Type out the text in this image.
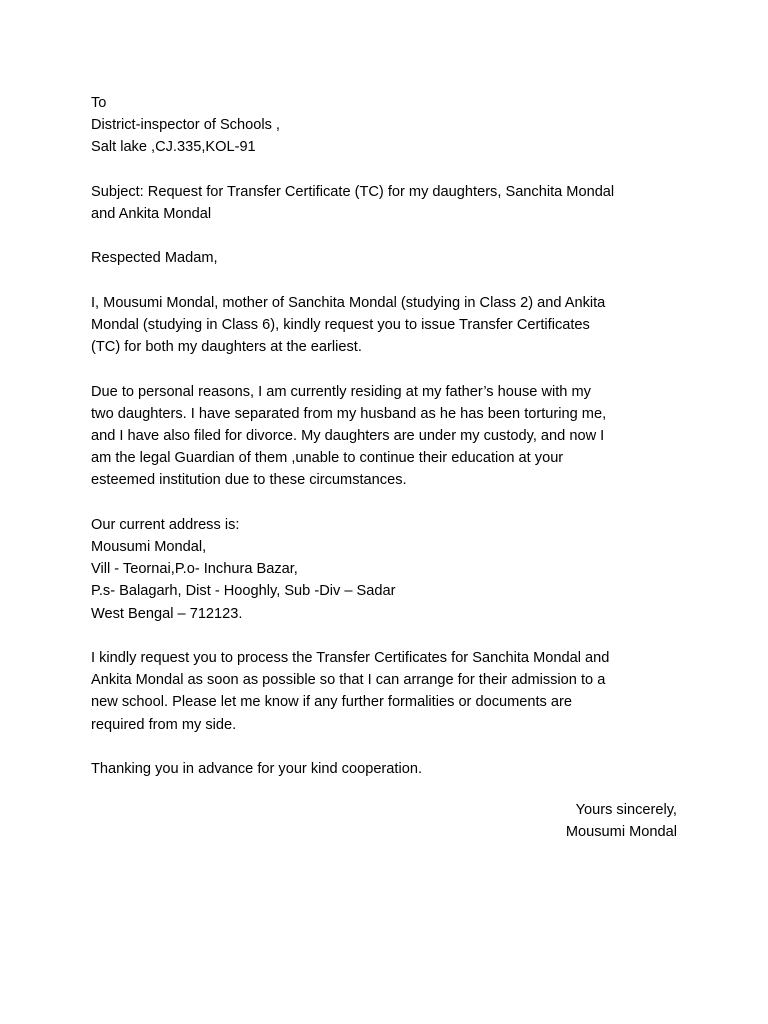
To
District-inspector of Schools ,
Salt lake ,CJ.335,KOL-91
Subject: Request for Transfer Certificate (TC) for my daughters, Sanchita Mondal
and Ankita Mondal
Respected Madam,
I, Mousumi Mondal, mother of Sanchita Mondal (studying in Class 2) and Ankita
Mondal (studying in Class 6), kindly request you to issue Transfer Certificates
(TC) for both my daughters at the earliest.
Due to personal reasons, I am currently residing at my father’s house with my
two daughters. I have separated from my husband as he has been torturing me,
and I have also filed for divorce. My daughters are under my custody, and now I
am the legal Guardian of them ,unable to continue their education at your
esteemed institution due to these circumstances.
Our current address is:
Mousumi Mondal,
Vill - Teornai,P.o- Inchura Bazar,
P.s- Balagarh, Dist - Hooghly, Sub -Div – Sadar
West Bengal – 712123.
I kindly request you to process the Transfer Certificates for Sanchita Mondal and
Ankita Mondal as soon as possible so that I can arrange for their admission to a
new school. Please let me know if any further formalities or documents are
required from my side.
Thanking you in advance for your kind cooperation.
Yours sincerely,
Mousumi Mondal
